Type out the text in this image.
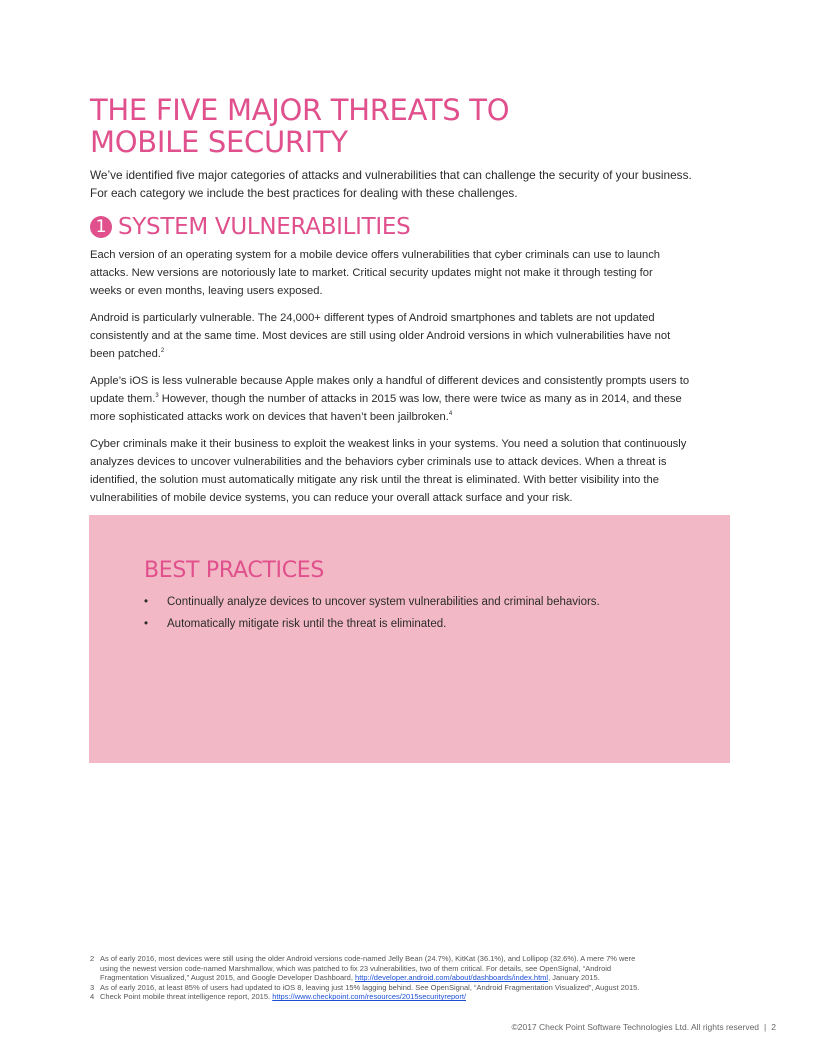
THE FIVE MAJOR THREATS TO
MOBILE SECURITY

We’ve identified five major categories of attacks and vulnerabilities that can challenge the security of your business.
For each category we include the best practices for dealing with these challenges.

1 SYSTEM VULNERABILITIES

Each version of an operating system for a mobile device offers vulnerabilities that cyber criminals can use to launch
attacks. New versions are notoriously late to market. Critical security updates might not make it through testing for
weeks or even months, leaving users exposed.

Android is particularly vulnerable. The 24,000+ different types of Android smartphones and tablets are not updated
consistently and at the same time. Most devices are still using older Android versions in which vulnerabilities have not
been patched.$^2$

Apple’s iOS is less vulnerable because Apple makes only a handful of different devices and consistently prompts users to
update them.$^3$ However, though the number of attacks in 2015 was low, there were twice as many as in 2014, and these
more sophisticated attacks work on devices that haven’t been jailbroken.$^4$

Cyber criminals make it their business to exploit the weakest links in your systems. You need a solution that continuously
analyzes devices to uncover vulnerabilities and the behaviors cyber criminals use to attack devices. When a threat is
identified, the solution must automatically mitigate any risk until the threat is eliminated. With better visibility into the
vulnerabilities of mobile device systems, you can reduce your overall attack surface and your risk.

BEST PRACTICES
• Continually analyze devices to uncover system vulnerabilities and criminal behaviors.
• Automatically mitigate risk until the threat is eliminated.
2 As of early 2016, most devices were still using the older Android versions code-named Jelly Bean (24.7%), KitKat (36.1%), and Lollipop (32.6%). A mere 7% were
using the newest version code-named Marshmallow, which was patched to fix 23 vulnerabilities, two of them critical. For details, see OpenSignal, “Android
Fragmentation Visualized,” August 2015, and Google Developer Dashboard, http://developer.android.com/about/dashboards/index.html, January 2015.
3 As of early 2016, at least 85% of users had updated to iOS 8, leaving just 15% lagging behind. See OpenSignal, “Android Fragmentation Visualized”, August 2015.
4 Check Point mobile threat intelligence report, 2015. https://www.checkpoint.com/resources/2015securityreport/
©2017 Check Point Software Technologies Ltd. All rights reserved | 2
